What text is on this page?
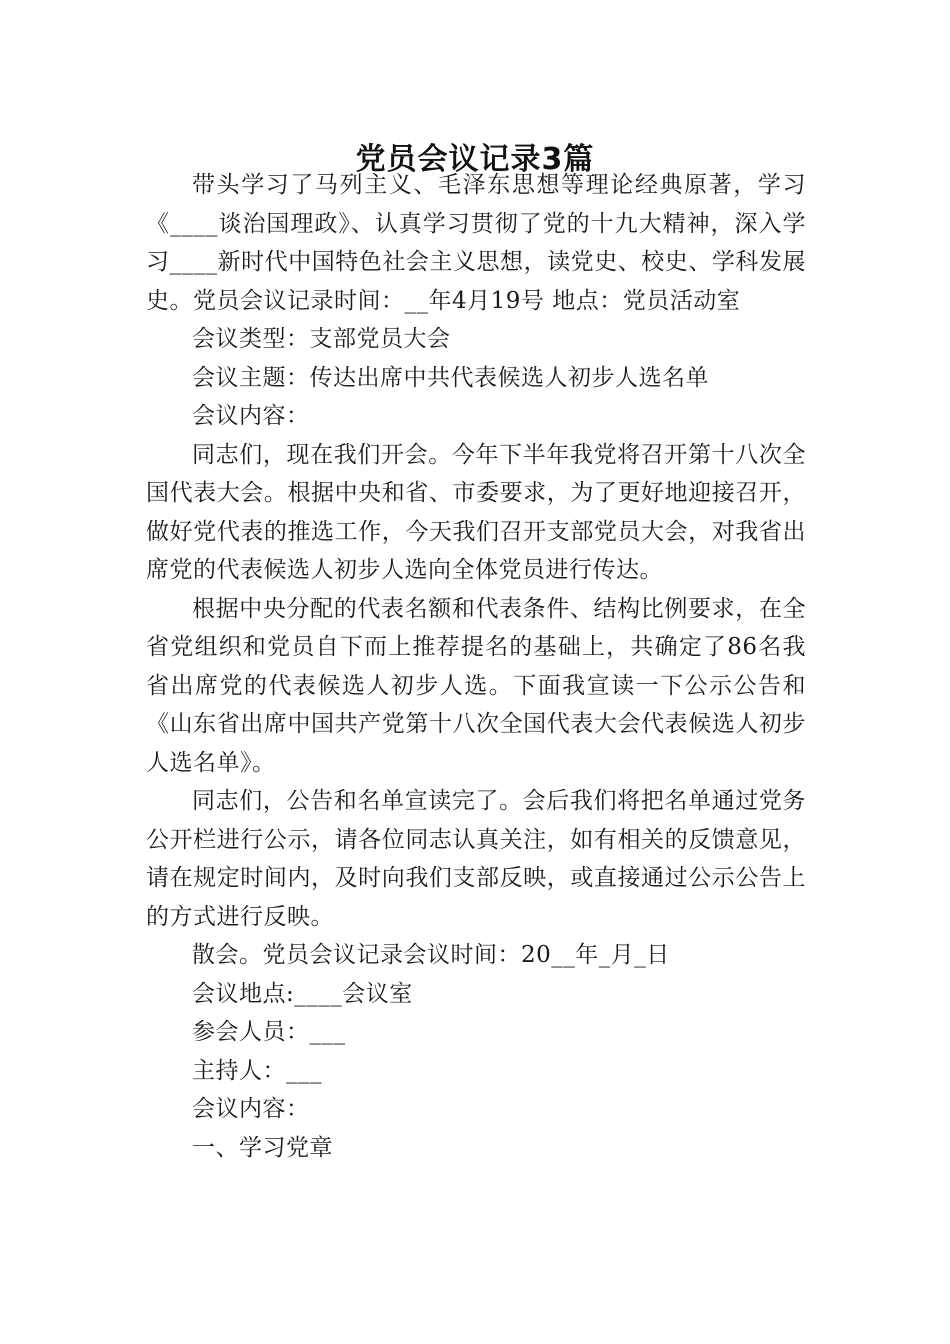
党员会议记录3篇

带头学习了马列主义、毛泽东思想等理论经典原著，学习《____谈治国理政》、认真学习贯彻了党的十九大精神，深入学习____新时代中国特色社会主义思想，读党史、校史、学科发展史。党员会议记录时间：__年4月19号 地点：党员活动室

会议类型：支部党员大会

会议主题：传达出席中共代表候选人初步人选名单

会议内容：

同志们，现在我们开会。今年下半年我党将召开第十八次全国代表大会。根据中央和省、市委要求，为了更好地迎接召开，做好党代表的推选工作，今天我们召开支部党员大会，对我省出席党的代表候选人初步人选向全体党员进行传达。

根据中央分配的代表名额和代表条件、结构比例要求，在全省党组织和党员自下而上推荐提名的基础上，共确定了86名我省出席党的代表候选人初步人选。下面我宣读一下公示公告和《山东省出席中国共产党第十八次全国代表大会代表候选人初步人选名单》。

同志们，公告和名单宣读完了。会后我们将把名单通过党务公开栏进行公示，请各位同志认真关注，如有相关的反馈意见，请在规定时间内，及时向我们支部反映，或直接通过公示公告上的方式进行反映。

散会。党员会议记录会议时间：20__年_月_日

会议地点:____会议室

参会人员：___

主持人：___

会议内容：

一、学习党章
